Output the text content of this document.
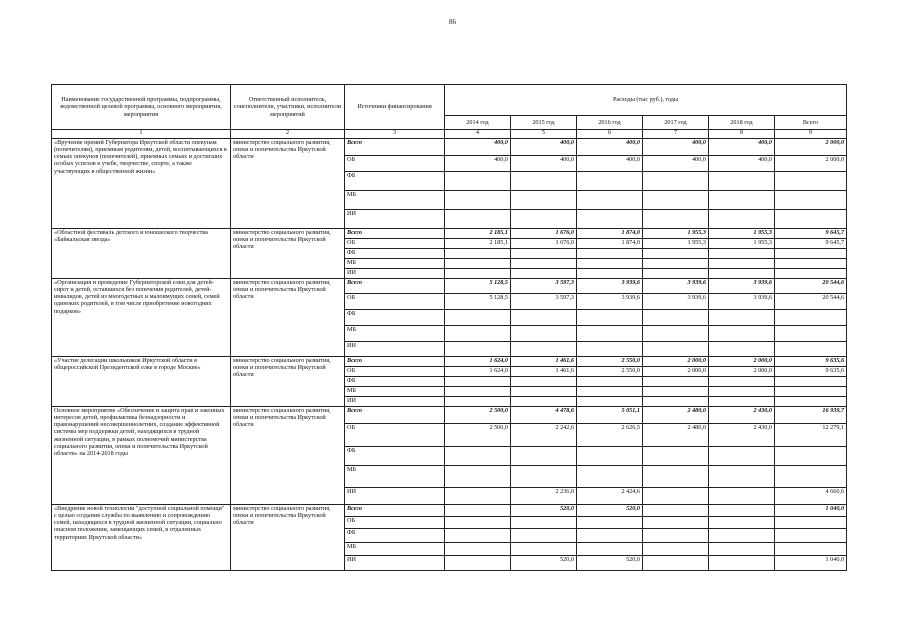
86
Наименование государственной программы, подпрограммы, ведомственной целевой программы, основного мероприятия, мероприятия	Ответственный исполнитель, соисполнители, участники, исполнители мероприятий	Источники финансирования	Расходы (тыс руб.), годы					
			2014 год	2015 год	2016 год	2017 год	2018 год	Всего
1	2	3	4	5	6	7	8	9
«Вручение премий Губернатора Иркутской области опекунам (попечителям), приемным родителям, детей, воспитывающихся в семьях опекунов (попечителей), приемных семьях и достигших особых успехов в учебе, творчестве, спорте, а также участвующих в общественной жизни»	министерство социального развития, опеки и попечительства Иркутской области	Всего	400,0	400,0	400,0	400,0	400,0	2 000,0
		ОБ	400,0	400,0	400,0	400,0	400,0	2 000,0
		ФБ						
		МБ						
		ИИ						
«Областной фестиваль детского и юношеского творчества «Байкальская звезда»	министерство социального развития, опеки и попечительства Иркутской области	Всего	2 185,1	1 676,0	1 874,0	1 955,3	1 955,3	9 645,7
		ОБ	2 185,1	1 676,0	1 874,0	1 955,3	1 955,3	9 645,7
		ФБ						
		МБ						
		ИИ						
«Организация и проведение Губернаторской елки для детей-сирот и детей, оставшихся без попечения родителей, детей-инвалидов, детей из многодетных и малоимущих семей, семей одиноких родителей, в том числе приобретение новогодних подарков»	министерство социального развития, опеки и попечительства Иркутской области	Всего	5 128,5	3 597,3	3 939,6	3 939,6	3 939,6	20 544,6
		ОБ	5 128,5	3 597,3	3 939,6	3 939,6	3 939,6	20 544,6
		ФБ						
		МБ						
		ИИ						
«Участие делегации школьников Иркутской области в общероссийской Президентской елке в городе Москве»	министерство социального развития, опеки и попечительства Иркутской области	Всего	1 624,0	1 461,6	2 550,0	2 000,0	2 000,0	9 635,6
		ОБ	1 624,0	1 461,6	2 550,0	2 000,0	2 000,0	9 635,6
		ФБ						
		МБ						
		ИИ						
Основное мероприятие «Обеспечение и защита прав и законных интересов детей, профилактика безнадзорности и правонарушений несовершеннолетних, создание эффективной системы мер поддержки детей, находящихся в трудной жизненной ситуации, в рамках полномочий министерства социального развития, опеки и попечительства Иркутской области» на 2014-2018 годы	министерство социального развития, опеки и попечительства Иркутской области	Всего	2 500,0	4 478,6	5 051,1	2 480,0	2 430,0	16 939,7
		ОБ	2 500,0	2 242,6	2 626,5	2 480,0	2 430,0	12 279,1
		ФБ						
		МБ						
		ИИ		2 236,0	2 424,6			4 660,6
«Внедрение новой технологии "доступной социальной помощи" с целью создания службы по выявлению и сопровождению семей, находящихся в трудной жизненной ситуации, социально опасном положении, замещающих семей, в отдаленных территориях Иркутской области»	министерство социального развития, опеки и попечительства Иркутской области	Всего		520,0	520,0			1 040,0
		ОБ						
		ФБ						
		МБ						
		ИИ		520,0	520,0			1 040,0
